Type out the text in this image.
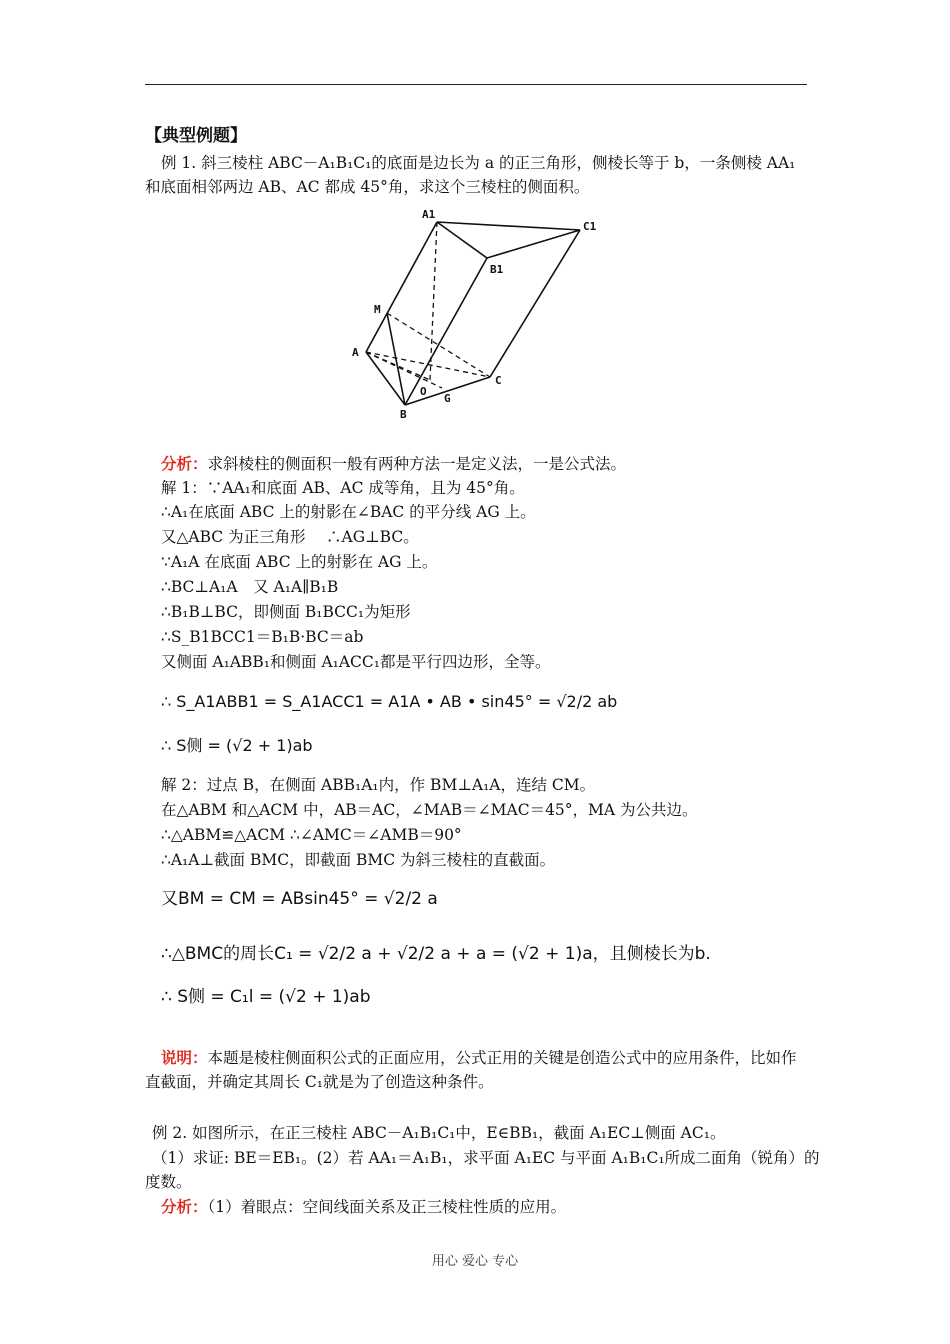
【典型例题】
例 1. 斜三棱柱 ABC－A₁B₁C₁的底面是边长为 a 的正三角形，侧棱长等于 b，一条侧棱 AA₁
和底面相邻两边 AB、AC 都成 45°角，求这个三棱柱的侧面积。
A1
C1
B1
M
A
O
G
C
B
分析：求斜棱柱的侧面积一般有两种方法一是定义法，一是公式法。
解 1：∵AA₁和底面 AB、AC 成等角，且为 45°角。
∴A₁在底面 ABC 上的射影在∠BAC 的平分线 AG 上。
又△ABC 为正三角形　 ∴AG⊥BC。
∵A₁A 在底面 ABC 上的射影在 AG 上。
∴BC⊥A₁A　又 A₁A∥B₁B
∴B₁B⊥BC，即侧面 B₁BCC₁为矩形
∴S_B1BCC1＝B₁B·BC＝ab
又侧面 A₁ABB₁和侧面 A₁ACC₁都是平行四边形，全等。
∴ S_A1ABB1 = S_A1ACC1 = A1A • AB • sin45° = √2/2 ab
∴ S侧 = (√2 + 1)ab
解 2：过点 B，在侧面 ABB₁A₁内，作 BM⊥A₁A，连结 CM。
在△ABM 和△ACM 中，AB＝AC，∠MAB＝∠MAC＝45°，MA 为公共边。
∴△ABM≌△ACM ∴∠AMC＝∠AMB＝90°
∴A₁A⊥截面 BMC，即截面 BMC 为斜三棱柱的直截面。
又BM = CM = ABsin45° = √2/2 a
∴△BMC的周长C₁ = √2/2 a + √2/2 a + a = (√2 + 1)a，且侧棱长为b.
∴ S侧 = C₁l = (√2 + 1)ab
说明：本题是棱柱侧面积公式的正面应用，公式正用的关键是创造公式中的应用条件，比如作直截面，并确定其周长 C₁就是为了创造这种条件。
例 2. 如图所示，在正三棱柱 ABC－A₁B₁C₁中，E∈BB₁，截面 A₁EC⊥侧面 AC₁。
（1）求证: BE＝EB₁。(2）若 AA₁＝A₁B₁，求平面 A₁EC 与平面 A₁B₁C₁所成二面角（锐角）的
度数。
分析：（1）着眼点：空间线面关系及正三棱柱性质的应用。
用心 爱心 专心
